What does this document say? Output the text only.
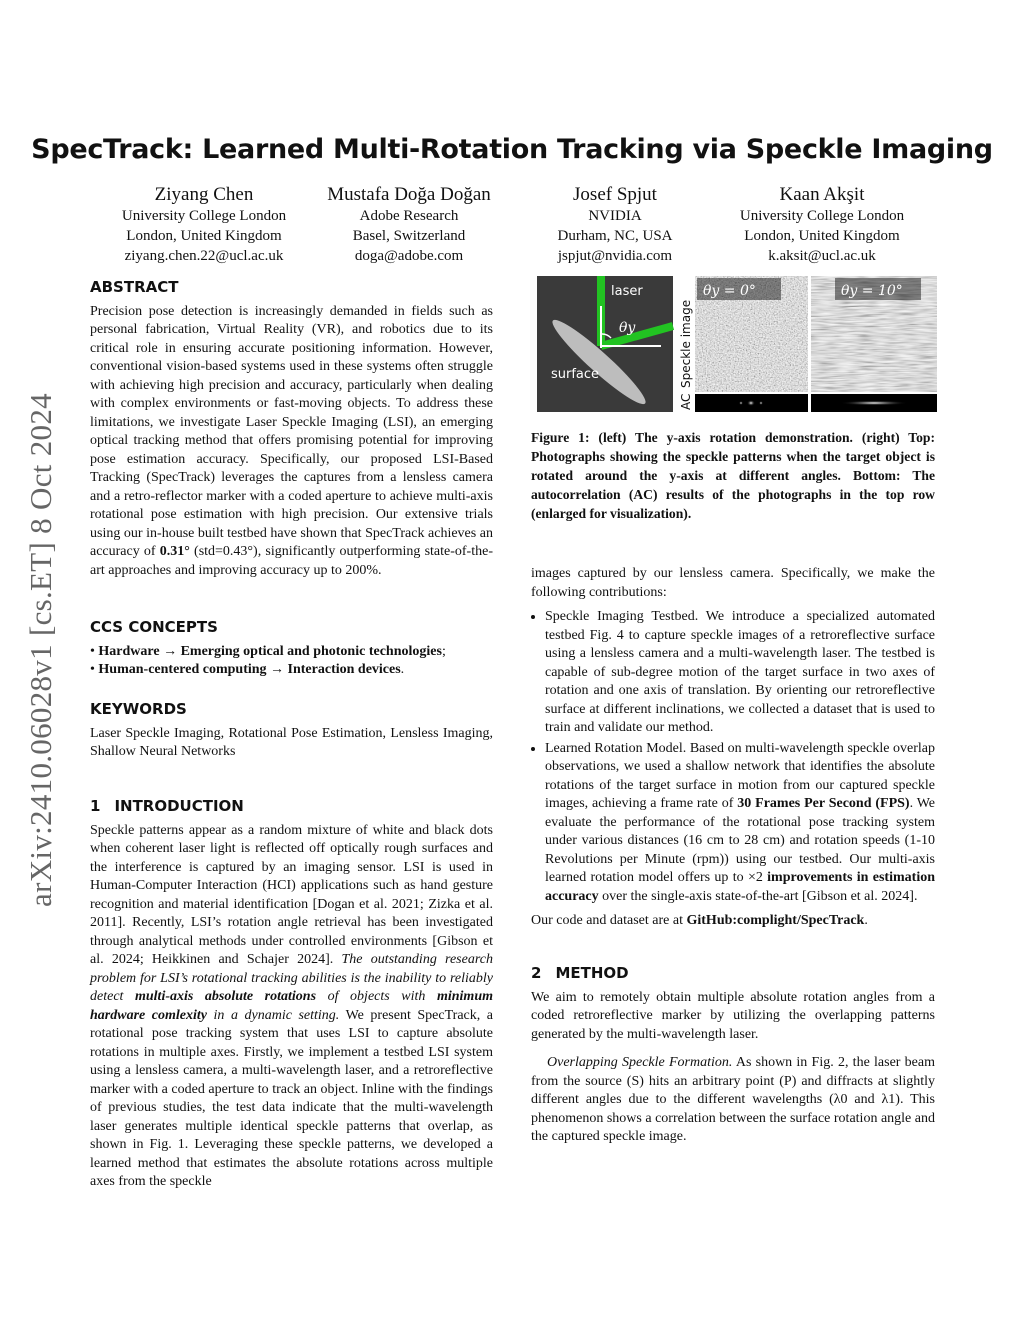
arXiv:2410.06028v1 [cs.ET] 8 Oct 2024
SpecTrack: Learned Multi-Rotation Tracking via Speckle Imaging
Ziyang Chen
University College London
London, United Kingdom
ziyang.chen.22@ucl.ac.uk
Mustafa Doğa Doğan
Adobe Research
Basel, Switzerland
doga@adobe.com
Josef Spjut
NVIDIA
Durham, NC, USA
jspjut@nvidia.com
Kaan Akşit
University College London
London, United Kingdom
k.aksit@ucl.ac.uk
ABSTRACT

Precision pose detection is increasingly demanded in fields such as personal fabrication, Virtual Reality (VR), and robotics due to its critical role in ensuring accurate positioning information. However, conventional vision-based systems used in these systems often struggle with achieving high precision and accuracy, particularly when dealing with complex environments or fast-moving objects. To address these limitations, we investigate Laser Speckle Imaging (LSI), an emerging optical tracking method that offers promising potential for improving pose estimation accuracy. Specifically, our proposed LSI-Based Tracking (SpecTrack) leverages the captures from a lensless camera and a retro-reflector marker with a coded aperture to achieve multi-axis rotational pose estimation with high precision. Our extensive trials using our in-house built testbed have shown that SpecTrack achieves an accuracy of 0.31° (std=0.43°), significantly outperforming state-of-the-art approaches and improving accuracy up to 200%.

CCS CONCEPTS

• Hardware → Emerging optical and photonic technologies;

• Human-centered computing → Interaction devices.

KEYWORDS

Laser Speckle Imaging, Rotational Pose Estimation, Lensless Imaging, Shallow Neural Networks

1 INTRODUCTION

Speckle patterns appear as a random mixture of white and black dots when coherent laser light is reflected off optically rough surfaces and the interference is captured by an imaging sensor. LSI is used in Human-Computer Interaction (HCI) applications such as hand gesture recognition and material identification [Dogan et al. 2021; Zizka et al. 2011]. Recently, LSI’s rotation angle retrieval has been investigated through analytical methods under controlled environments [Gibson et al. 2024; Heikkinen and Schajer 2024]. The outstanding research problem for LSI’s rotational tracking abilities is the inability to reliably detect multi-axis absolute rotations of objects with minimum hardware comlexity in a dynamic setting. We present SpecTrack, a rotational pose tracking system that uses LSI to capture absolute rotations in multiple axes. Firstly, we implement a testbed LSI system using a lensless camera, a multi-wavelength laser, and a retroreflective marker with a coded aperture to track an object. Inline with the findings of previous studies, the test data indicate that the multi-wavelength laser generates multiple identical speckle patterns that overlap, as shown in Fig. 1. Leveraging these speckle patterns, we developed a learned method that estimates the absolute rotations across multiple axes from the speckle

laser
θy
surface	Speckle image
AC
θy = 0°	θy = 10°
Figure 1: (left) The y-axis rotation demonstration. (right) Top: Photographs showing the speckle patterns when the target object is rotated around the y-axis at different angles. Bottom: The autocorrelation (AC) results of the photographs in the top row (enlarged for visualization).

images captured by our lensless camera. Specifically, we make the following contributions:

• Speckle Imaging Testbed. We introduce a specialized automated testbed Fig. 4 to capture speckle images of a retroreflective surface using a lensless camera and a multi-wavelength laser. The testbed is capable of sub-degree motion of the target surface in two axes of rotation and one axis of translation. By orienting our retroreflective surface at different inclinations, we collected a dataset that is used to train and validate our method.
• Learned Rotation Model. Based on multi-wavelength speckle overlap observations, we used a shallow network that identifies the absolute rotations of the target surface in motion from our captured speckle images, achieving a frame rate of 30 Frames Per Second (FPS). We evaluate the performance of the rotational pose tracking system under various distances (16 cm to 28 cm) and rotation speeds (1-10 Revolutions per Minute (rpm)) using our testbed. Our multi-axis learned rotation model offers up to ×2 improvements in estimation accuracy over the single-axis state-of-the-art [Gibson et al. 2024].

Our code and dataset are at GitHub:complight/SpecTrack.

2 METHOD

We aim to remotely obtain multiple absolute rotation angles from a coded retroreflective marker by utilizing the overlapping patterns generated by the multi-wavelength laser.

Overlapping Speckle Formation. As shown in Fig. 2, the laser beam from the source (S) hits an arbitrary point (P) and diffracts at slightly different angles due to the different wavelengths (λ0 and λ1). This phenomenon shows a correlation between the surface rotation angle and the captured speckle image.
